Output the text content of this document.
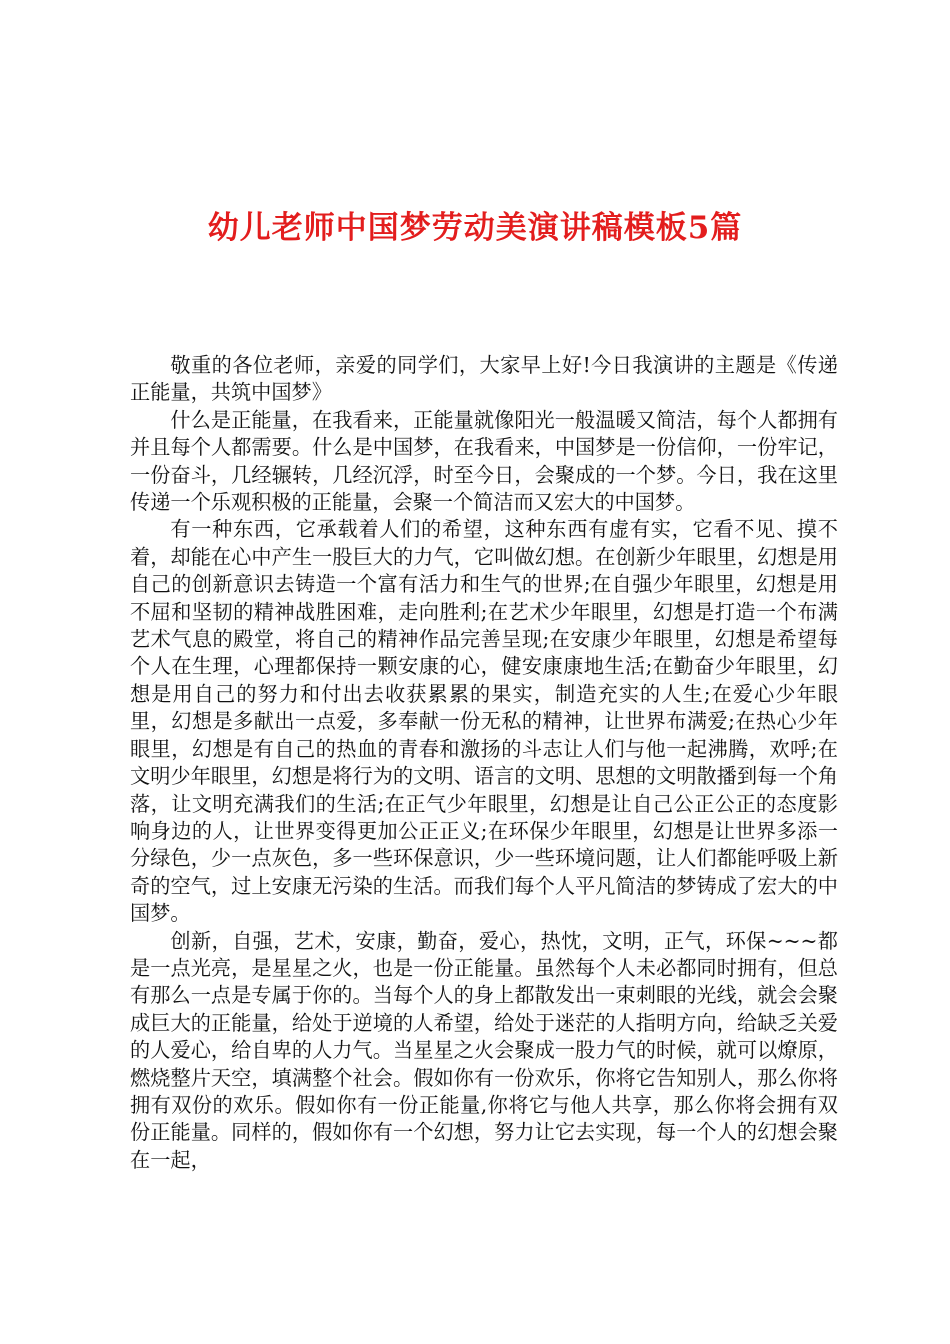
幼儿老师中国梦劳动美演讲稿模板5篇

敬重的各位老师，亲爱的同学们，大家早上好!今日我演讲的主题是《传递正能量，共筑中国梦》

什么是正能量，在我看来，正能量就像阳光一般温暖又简洁，每个人都拥有并且每个人都需要。什么是中国梦，在我看来，中国梦是一份信仰，一份牢记，一份奋斗，几经辗转，几经沉浮，时至今日，会聚成的一个梦。今日，我在这里传递一个乐观积极的正能量，会聚一个简洁而又宏大的中国梦。

有一种东西，它承载着人们的希望，这种东西有虚有实，它看不见、摸不着，却能在心中产生一股巨大的力气，它叫做幻想。在创新少年眼里，幻想是用自己的创新意识去铸造一个富有活力和生气的世界;在自强少年眼里，幻想是用不屈和坚韧的精神战胜困难，走向胜利;在艺术少年眼里，幻想是打造一个布满艺术气息的殿堂，将自己的精神作品完善呈现;在安康少年眼里，幻想是希望每个人在生理，心理都保持一颗安康的心，健安康康地生活;在勤奋少年眼里，幻想是用自己的努力和付出去收获累累的果实，制造充实的人生;在爱心少年眼里，幻想是多献出一点爱，多奉献一份无私的精神，让世界布满爱;在热心少年眼里，幻想是有自己的热血的青春和激扬的斗志让人们与他一起沸腾，欢呼;在文明少年眼里，幻想是将行为的文明、语言的文明、思想的文明散播到每一个角落，让文明充满我们的生活;在正气少年眼里，幻想是让自己公正公正的态度影响身边的人，让世界变得更加公正正义;在环保少年眼里，幻想是让世界多添一分绿色，少一点灰色，多一些环保意识，少一些环境问题，让人们都能呼吸上新奇的空气，过上安康无污染的生活。而我们每个人平凡简洁的梦铸成了宏大的中国梦。

创新，自强，艺术，安康，勤奋，爱心，热忱，文明，正气，环保~~~都是一点光亮，是星星之火，也是一份正能量。虽然每个人未必都同时拥有，但总有那么一点是专属于你的。当每个人的身上都散发出一束刺眼的光线，就会会聚成巨大的正能量，给处于逆境的人希望，给处于迷茫的人指明方向，给缺乏关爱的人爱心，给自卑的人力气。当星星之火会聚成一股力气的时候，就可以燎原，燃烧整片天空，填满整个社会。假如你有一份欢乐，你将它告知别人，那么你将拥有双份的欢乐。假如你有一份正能量,你将它与他人共享，那么你将会拥有双份正能量。同样的，假如你有一个幻想，努力让它去实现，每一个人的幻想会聚在一起，
